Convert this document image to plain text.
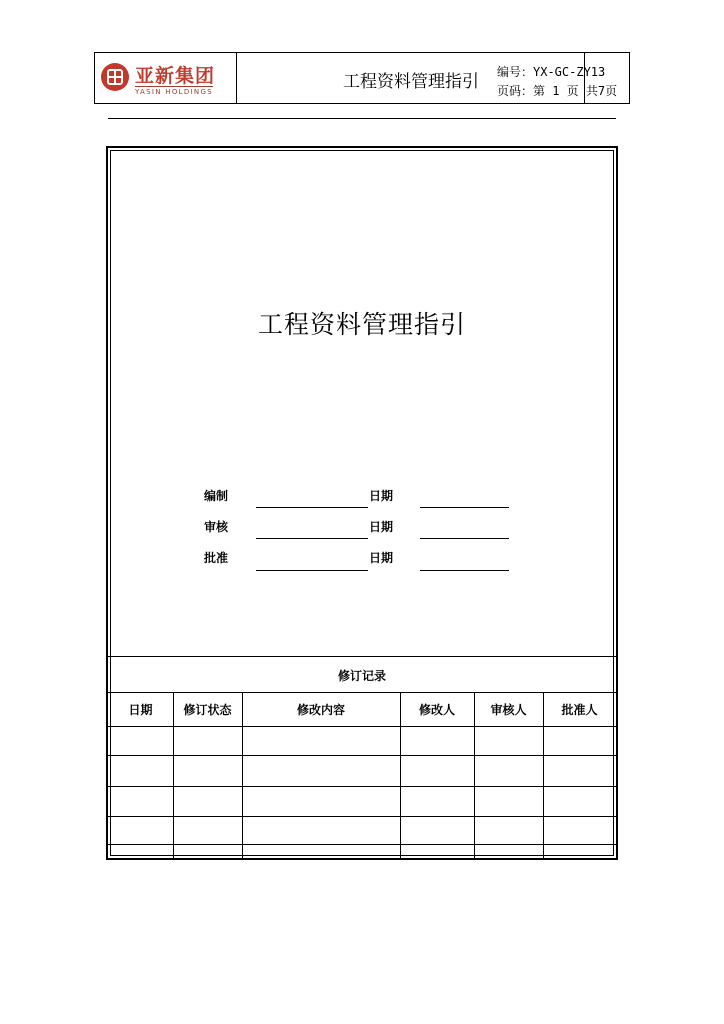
亚新集团
YASIN HOLDINGS	工程资料管理指引	编号：YX-GC-ZY13
页码：第 1 页 共7页
工程资料管理指引
编制	日期
审核	日期
批准	日期
修订记录
日期	修订状态	修改内容	修改人	审核人	批准人
